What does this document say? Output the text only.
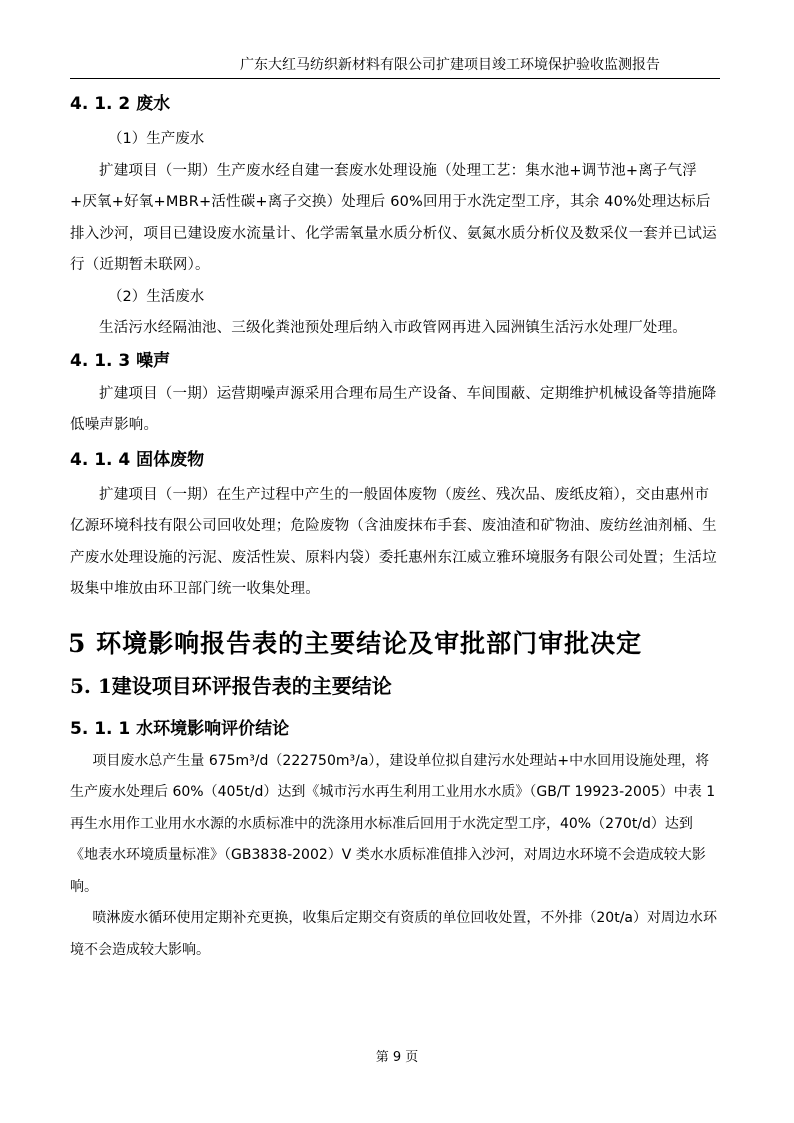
广东大红马纺织新材料有限公司扩建项目竣工环境保护验收监测报告

4. 1. 2 废水

（1）生产废水

扩建项目（一期）生产废水经自建一套废水处理设施（处理工艺：集水池+调节池+离子气浮+厌氧+好氧+MBR+活性碳+离子交换）处理后 60%回用于水洗定型工序，其余 40%处理达标后排入沙河，项目已建设废水流量计、化学需氧量水质分析仪、氨氮水质分析仪及数采仪一套并已试运行（近期暂未联网）。

（2）生活废水

生活污水经隔油池、三级化粪池预处理后纳入市政管网再进入园洲镇生活污水处理厂处理。

4. 1. 3 噪声

扩建项目（一期）运营期噪声源采用合理布局生产设备、车间围蔽、定期维护机械设备等措施降低噪声影响。

4. 1. 4 固体废物

扩建项目（一期）在生产过程中产生的一般固体废物（废丝、残次品、废纸皮箱），交由惠州市亿源环境科技有限公司回收处理；危险废物（含油废抹布手套、废油渣和矿物油、废纺丝油剂桶、生产废水处理设施的污泥、废活性炭、原料内袋）委托惠州东江威立雅环境服务有限公司处置；生活垃圾集中堆放由环卫部门统一收集处理。

5 环境影响报告表的主要结论及审批部门审批决定

5. 1建设项目环评报告表的主要结论

5. 1. 1 水环境影响评价结论

项目废水总产生量 675m³/d（222750m³/a），建设单位拟自建污水处理站+中水回用设施处理，将生产废水处理后 60%（405t/d）达到《城市污水再生利用工业用水水质》（GB/T 19923-2005）中表 1 再生水用作工业用水水源的水质标准中的洗涤用水标准后回用于水洗定型工序，40%（270t/d）达到《地表水环境质量标准》（GB3838-2002）V 类水水质标准值排入沙河，对周边水环境不会造成较大影响。

喷淋废水循环使用定期补充更换，收集后定期交有资质的单位回收处置，不外排（20t/a）对周边水环境不会造成较大影响。

第 9 页
